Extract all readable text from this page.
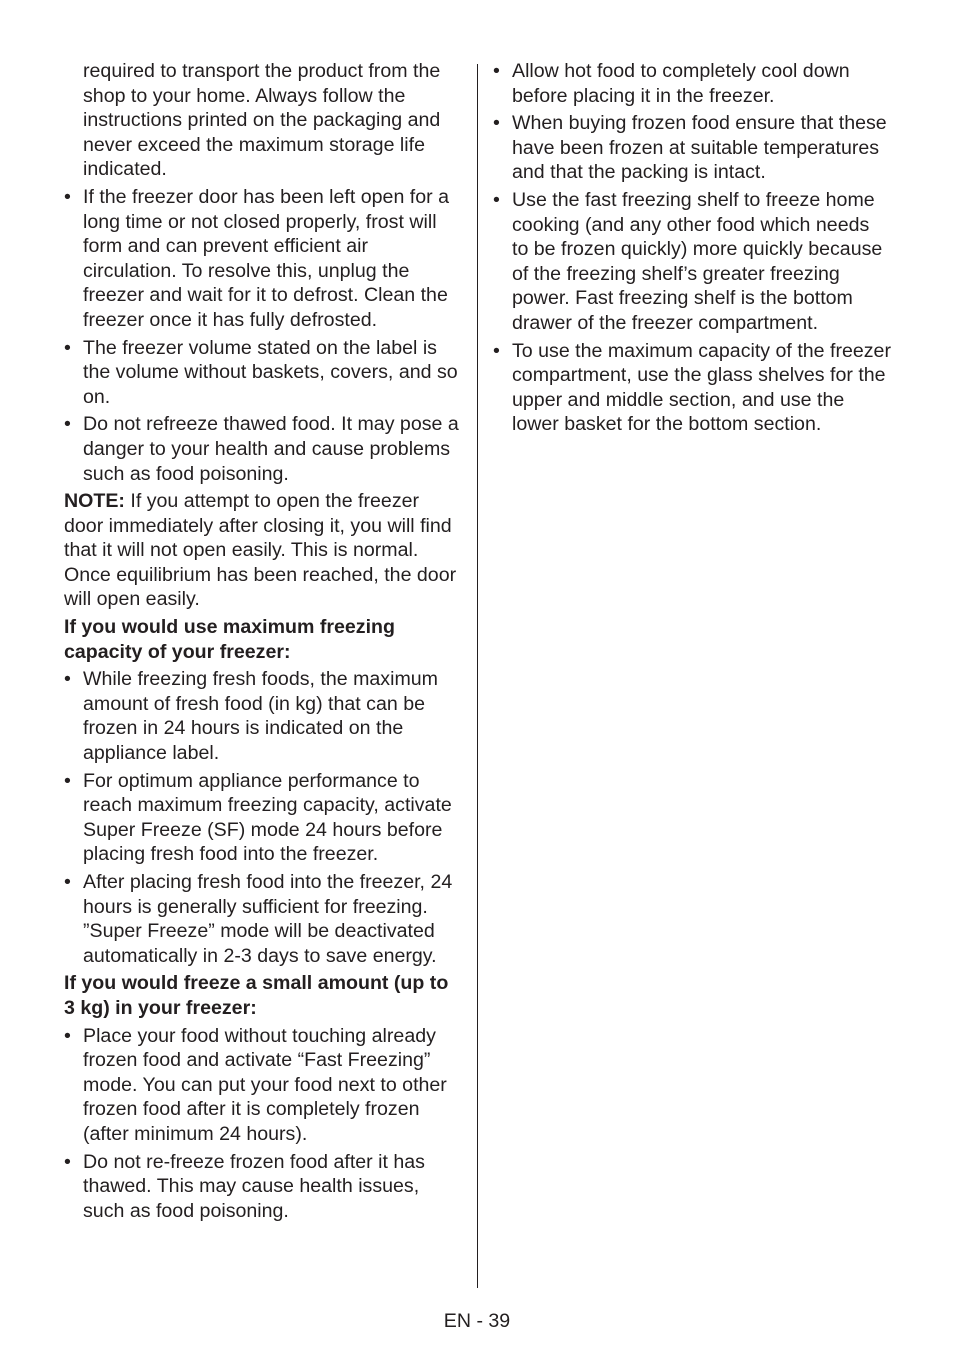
required to transport the product from the shop to your home. Always follow the instructions printed on the packaging and never exceed the maximum storage life indicated.

• If the freezer door has been left open for a long time or not closed properly, frost will form and can prevent efficient air circulation. To resolve this, unplug the freezer and wait for it to defrost. Clean the freezer once it has fully defrosted.
• The freezer volume stated on the label is the volume without baskets, covers, and so on.
• Do not refreeze thawed food. It may pose a danger to your health and cause problems such as food poisoning.

NOTE: If you attempt to open the freezer door immediately after closing it, you will find that it will not open easily. This is normal. Once equilibrium has been reached, the door will open easily.

If you would use maximum freezing capacity of your freezer:

• While freezing fresh foods, the maximum amount of fresh food (in kg) that can be frozen in 24 hours is indicated on the appliance label.
• For optimum appliance performance to reach maximum freezing capacity, activate Super Freeze (SF) mode 24 hours before placing fresh food into the freezer.
• After placing fresh food into the freezer, 24 hours is generally sufficient for freezing. ”Super Freeze” mode will be deactivated automatically in 2-3 days to save energy.

If you would freeze a small amount (up to 3 kg) in your freezer:

• Place your food without touching already frozen food and activate “Fast Freezing” mode. You can put your food next to other frozen food after it is completely frozen (after minimum 24 hours).
• Do not re-freeze frozen food after it has thawed. This may cause health issues, such as food poisoning.
• Allow hot food to completely cool down before placing it in the freezer.
• When buying frozen food ensure that these have been frozen at suitable temperatures and that the packing is intact.
• Use the fast freezing shelf to freeze home cooking (and any other food which needs to be frozen quickly) more quickly because of the freezing shelf’s greater freezing power. Fast freezing shelf is the bottom drawer of the freezer compartment.
• To use the maximum capacity of the freezer compartment, use the glass shelves for the upper and middle section, and use the lower basket for the bottom section.
EN - 39
